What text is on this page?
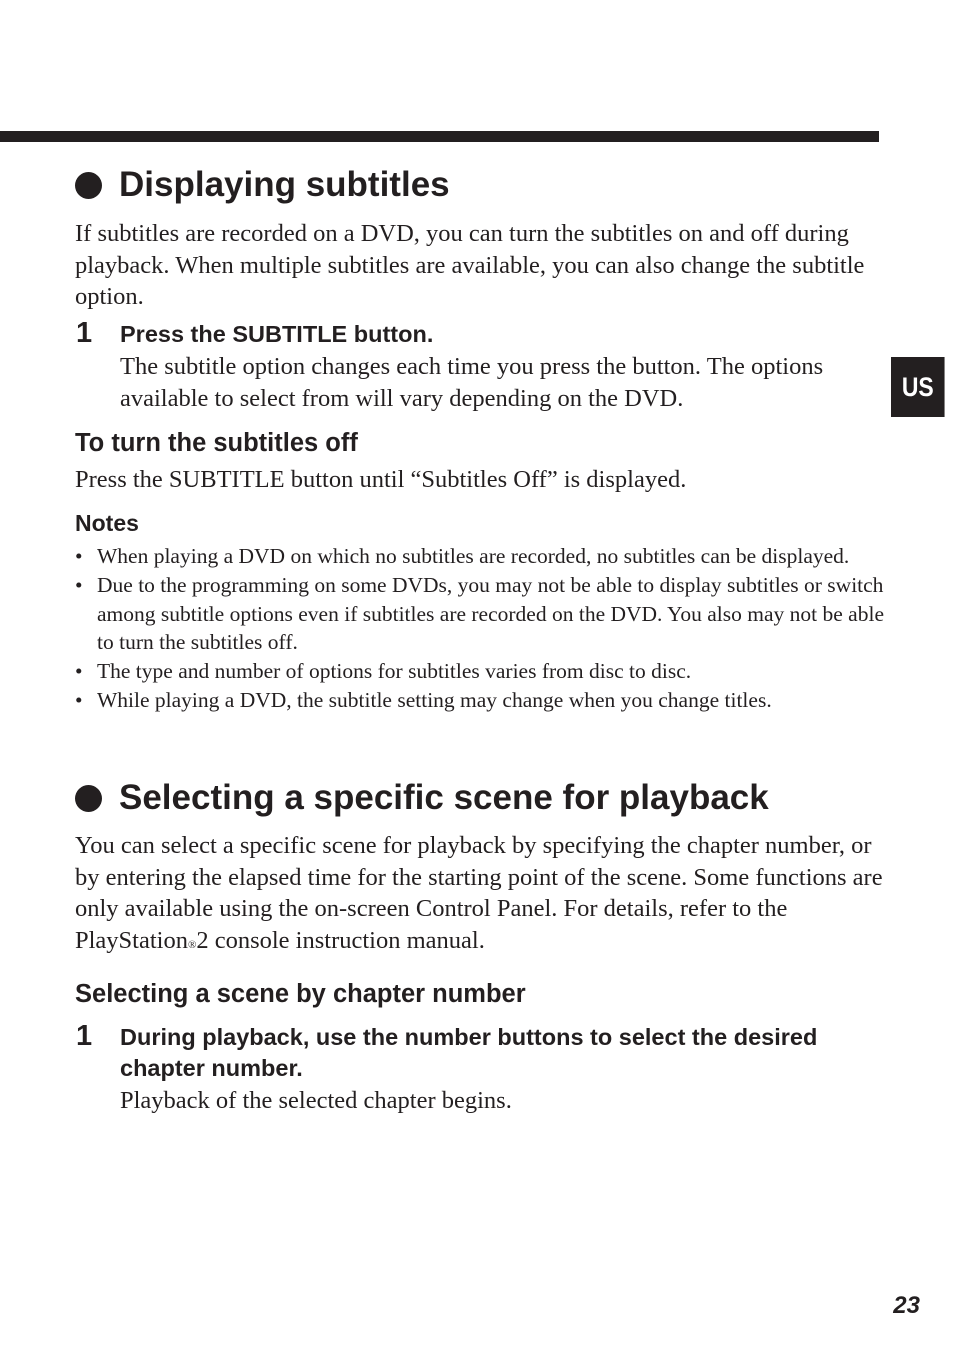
US
Displaying subtitles

If subtitles are recorded on a DVD, you can turn the subtitles on and off during playback. When multiple subtitles are available, you can also change the subtitle option.

1 Press the SUBTITLE button.

The subtitle option changes each time you press the button. The options available to select from will vary depending on the DVD.

To turn the subtitles off

Press the SUBTITLE button until “Subtitles Off” is displayed.

Notes
• When playing a DVD on which no subtitles are recorded, no subtitles can be displayed.
• Due to the programming on some DVDs, you may not be able to display subtitles or switch among subtitle options even if subtitles are recorded on the DVD. You also may not be able to turn the subtitles off.
• The type and number of options for subtitles varies from disc to disc.
• While playing a DVD, the subtitle setting may change when you change titles.
Selecting a specific scene for playback

You can select a specific scene for playback by specifying the chapter number, or by entering the elapsed time for the starting point of the scene. Some functions are only available using the on-screen Control Panel. For details, refer to the PlayStation®2 console instruction manual.

Selecting a scene by chapter number
1 During playback, use the number buttons to select the desired chapter number.

Playback of the selected chapter begins.

23
